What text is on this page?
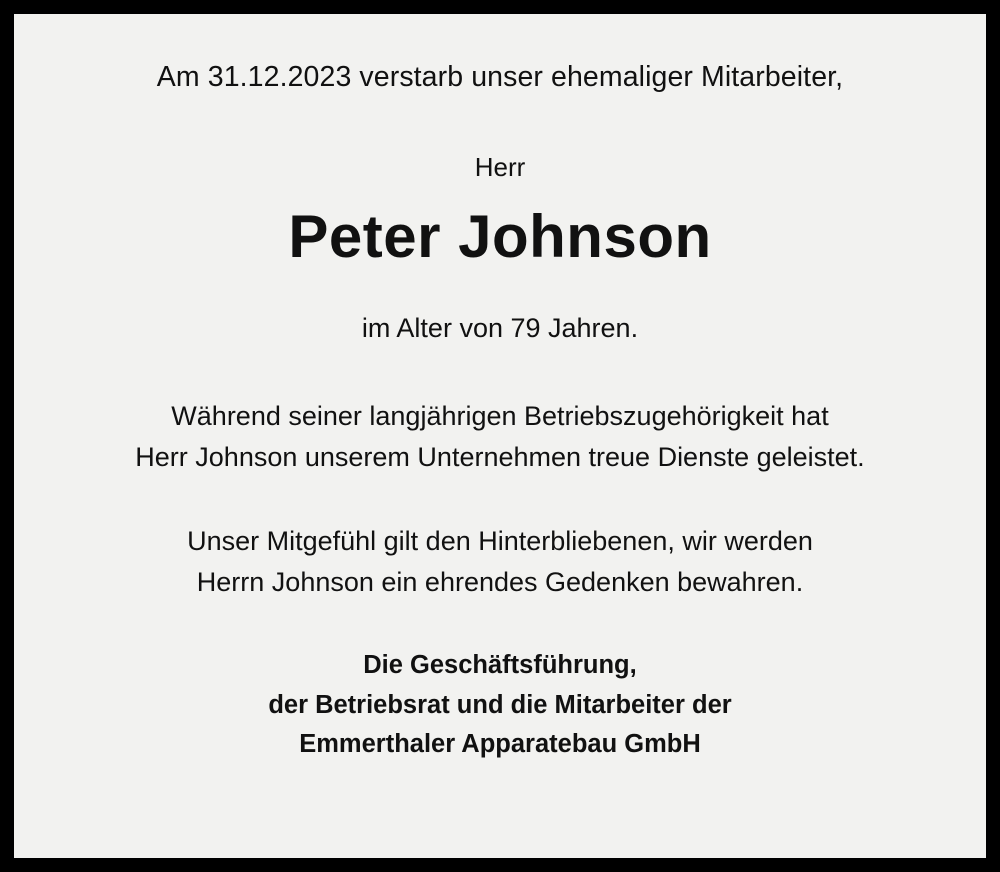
Am 31.12.2023 verstarb unser ehemaliger Mitarbeiter,

Herr

Peter Johnson

im Alter von 79 Jahren.

Während seiner langjährigen Betriebszugehörigkeit hat
Herr Johnson unserem Unternehmen treue Dienste geleistet.

Unser Mitgefühl gilt den Hinterbliebenen, wir werden
Herrn Johnson ein ehrendes Gedenken bewahren.

Die Geschäftsführung,
der Betriebsrat und die Mitarbeiter der
Emmerthaler Apparatebau GmbH
